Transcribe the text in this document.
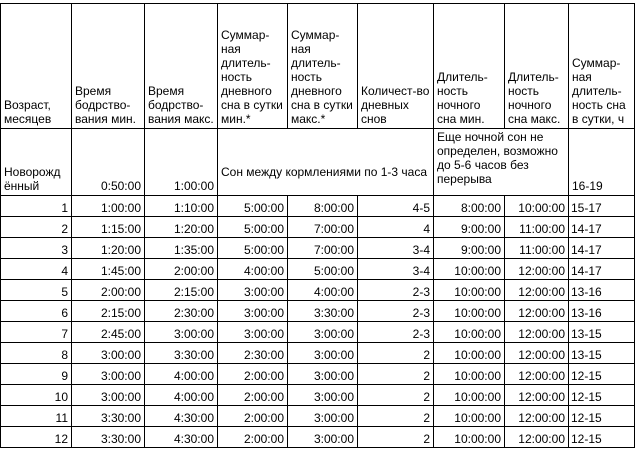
Возраст, месяцев	Время бодрство-вания мин.	Время бодрство-вания макс.	Суммар-ная длитель-ность дневного сна в сутки мин.*	Суммар-ная длитель-ность дневного сна в сутки макс.*	Количест-во дневных снов	Длитель-ность ночного сна мин.	Длитель-ность ночного сна макс.	Суммар-ная длитель-ность сна в сутки, ч
Новорожд ённый	0:50:00	1:00:00	Сон между кормлениями по 1-3 часа			Еще ночной сон не определен, возможно до 5-6 часов без перерыва		16-19
1	1:00:00	1:10:00	5:00:00	8:00:00	4-5	8:00:00	10:00:00	15-17
2	1:15:00	1:20:00	5:00:00	7:00:00	4	9:00:00	11:00:00	14-17
3	1:20:00	1:35:00	5:00:00	7:00:00	3-4	9:00:00	11:00:00	14-17
4	1:45:00	2:00:00	4:00:00	5:00:00	3-4	10:00:00	12:00:00	14-17
5	2:00:00	2:15:00	3:00:00	4:00:00	2-3	10:00:00	12:00:00	13-16
6	2:15:00	2:30:00	3:00:00	3:30:00	2-3	10:00:00	12:00:00	13-16
7	2:45:00	3:00:00	3:00:00	3:00:00	2-3	10:00:00	12:00:00	13-15
8	3:00:00	3:30:00	2:30:00	3:00:00	2	10:00:00	12:00:00	13-15
9	3:00:00	4:00:00	2:00:00	3:00:00	2	10:00:00	12:00:00	12-15
10	3:00:00	4:00:00	2:00:00	3:00:00	2	10:00:00	12:00:00	12-15
11	3:30:00	4:30:00	2:00:00	3:00:00	2	10:00:00	12:00:00	12-15
12	3:30:00	4:30:00	2:00:00	3:00:00	2	10:00:00	12:00:00	12-15
